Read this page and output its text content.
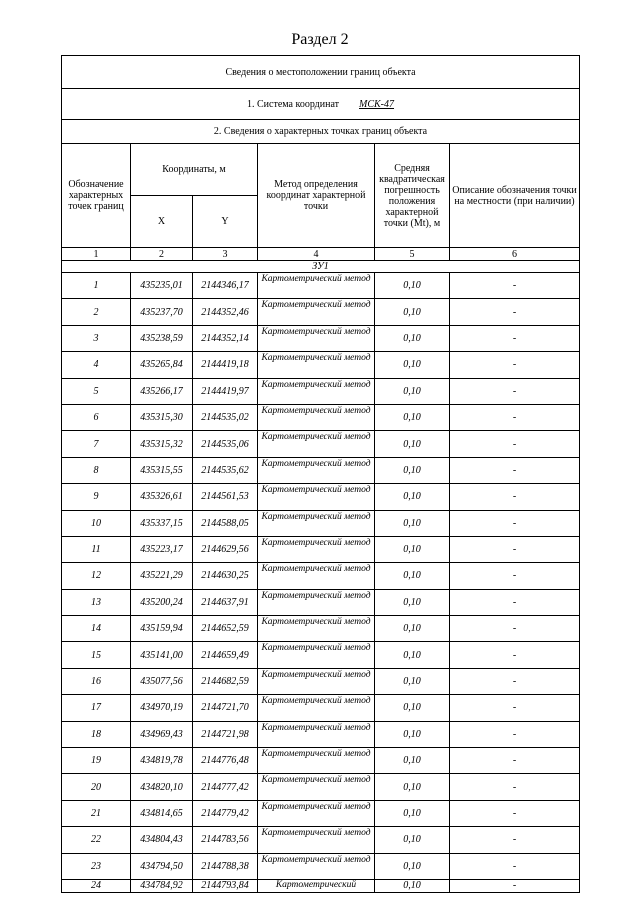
Раздел 2
Сведения о местоположении границ объекта					
1. Система координат МСК-47					
2. Сведения о характерных точках границ объекта					
Обозначение характерных точек границ	Координаты, м		Метод определения координат характерной точки	Средняя квадратическая погрешность положения характерной точки (Mt), м	Описание обозначения точки на местности (при наличии)
	X	Y			
1	2	3	4	5	6
ЗУ1					
1	435235,01	2144346,17	Картометрический метод	0,10	-
2	435237,70	2144352,46	Картометрический метод	0,10	-
3	435238,59	2144352,14	Картометрический метод	0,10	-
4	435265,84	2144419,18	Картометрический метод	0,10	-
5	435266,17	2144419,97	Картометрический метод	0,10	-
6	435315,30	2144535,02	Картометрический метод	0,10	-
7	435315,32	2144535,06	Картометрический метод	0,10	-
8	435315,55	2144535,62	Картометрический метод	0,10	-
9	435326,61	2144561,53	Картометрический метод	0,10	-
10	435337,15	2144588,05	Картометрический метод	0,10	-
11	435223,17	2144629,56	Картометрический метод	0,10	-
12	435221,29	2144630,25	Картометрический метод	0,10	-
13	435200,24	2144637,91	Картометрический метод	0,10	-
14	435159,94	2144652,59	Картометрический метод	0,10	-
15	435141,00	2144659,49	Картометрический метод	0,10	-
16	435077,56	2144682,59	Картометрический метод	0,10	-
17	434970,19	2144721,70	Картометрический метод	0,10	-
18	434969,43	2144721,98	Картометрический метод	0,10	-
19	434819,78	2144776,48	Картометрический метод	0,10	-
20	434820,10	2144777,42	Картометрический метод	0,10	-
21	434814,65	2144779,42	Картометрический метод	0,10	-
22	434804,43	2144783,56	Картометрический метод	0,10	-
23	434794,50	2144788,38	Картометрический метод	0,10	-
24	434784,92	2144793,84	Картометрический	0,10	-
